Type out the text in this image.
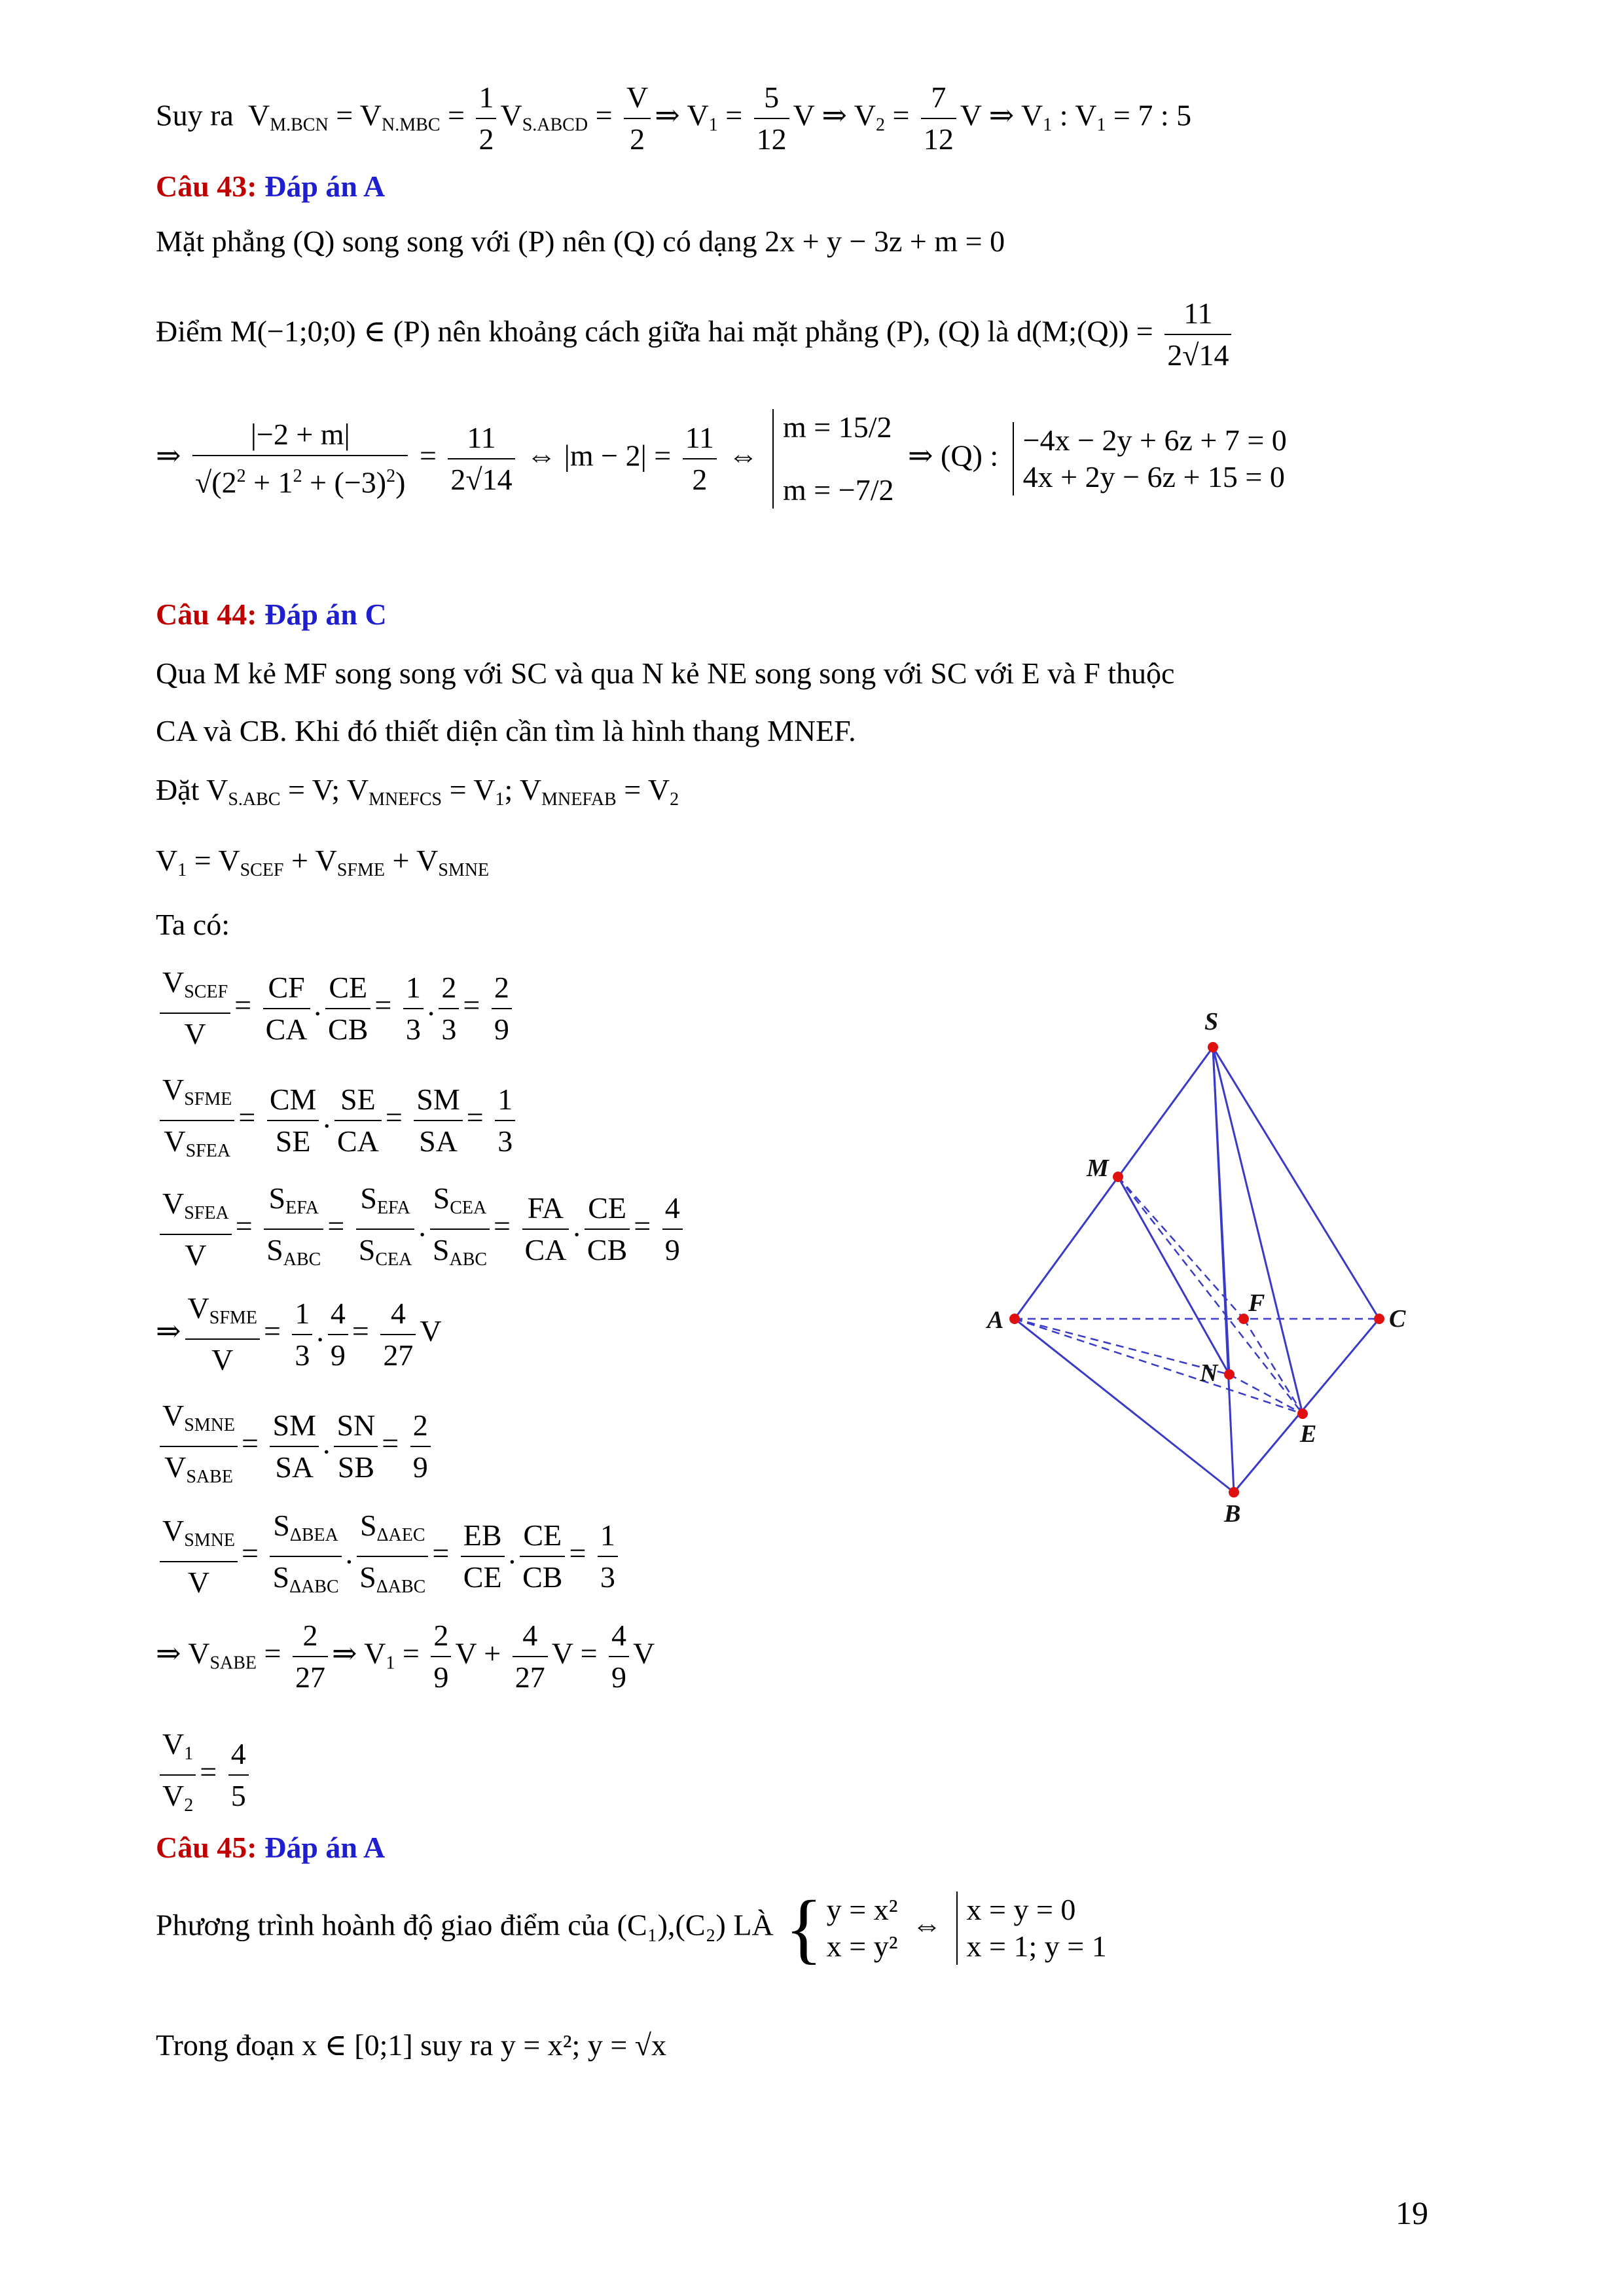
Suy ra  $V_{M.BCN} = V_{N.MBC} = \frac{1}{2} V_{S.ABCD} = \frac{V}{2}$ ⇒ $V_1 = \frac{5}{12}$ V ⇒ $V_2 = \frac{7}{12}$ V ⇒ $V_1$ : $V_1 = 7$ : 5
Câu 43: Đáp án A
Mặt phẳng (Q) song song với (P) nên (Q) có dạng 2x + y − 3z + m = 0
Điểm M(−1;0;0) ∈ (P) nên khoảng cách giữa hai mặt phẳng (P), (Q) là d(M;(Q)) = $\frac{11}{2√14}$
⇒ $\frac{|-2 + m|}{√(2^2 + 1^2 + (-3)^2)} = \frac{11}{2√14}$ ⇔ $|m - 2| = \frac{11}{2}$ ⇔
m = 15/2
m = −7/2
⇒ (Q) : −4x − 2y + 6z + 7 = 0
4x + 2y − 6z + 15 = 0
Câu 44: Đáp án C
Qua M kẻ MF song song với SC và qua N kẻ NE song song với SC với E và F thuộc
CA và CB. Khi đó thiết diện cần tìm là hình thang MNEF.
Đặt $V_{S.ABC} = V$; $V_{MNEFCS} = V_1$; $V_{MNEFAB} = V_2$
$V_1 = V_{SCEF} + V_{SFME} + V_{SMNE}$
Ta có:
$\frac{V_{SCEF}}{V} = \frac{CF}{CA}$ . $\frac{CE}{CB} = \frac{1}{3}$ . $\frac{2}{3} = \frac{2}{9}$
$\frac{V_{SFME}}{V_{SFEA}} = \frac{CM}{SE}$ . $\frac{SE}{CA} = \frac{SM}{SA} = \frac{1}{3}$
$\frac{V_{SFEA}}{V} = \frac{S_{EFA}}{S_{ABC}} = \frac{S_{EFA}}{S_{CEA}}$ . $\frac{S_{CEA}}{S_{ABC}} = \frac{FA}{CA}$ . $\frac{CE}{CB} = \frac{4}{9}$
⇒ $\frac{V_{SFME}}{V} = \frac{1}{3}$ . $\frac{4}{9} = \frac{4}{27}$ V
$\frac{V_{SMNE}}{V_{SABE}} = \frac{SM}{SA}$ . $\frac{SN}{SB} = \frac{2}{9}$
$\frac{V_{SMNE}}{V} = \frac{S_{\Delta BEA}}{S_{\Delta ABC}}$ . $\frac{S_{\Delta AEC}}{S_{\Delta ABC}} = \frac{EB}{CE}$ . $\frac{CE}{CB} = \frac{1}{3}$
⇒ $V_{SABE} = \frac{2}{27}$ ⇒ $V_1 = \frac{2}{9}$ $V + \frac{4}{27}$ $V = \frac{4}{9}$ V
$\frac{V_1}{V_2} = \frac{4}{5}$
S
M
A
F
C
N
E
B
Câu 45: Đáp án A
Phương trình hoành độ giao điểm của (C₁),(C₂) LÀ { y = x²
x = y²
⇔ x = y = 0
x = 1; y = 1
Trong đoạn x ∈ [0;1] suy ra y = x²; y = √x
19
